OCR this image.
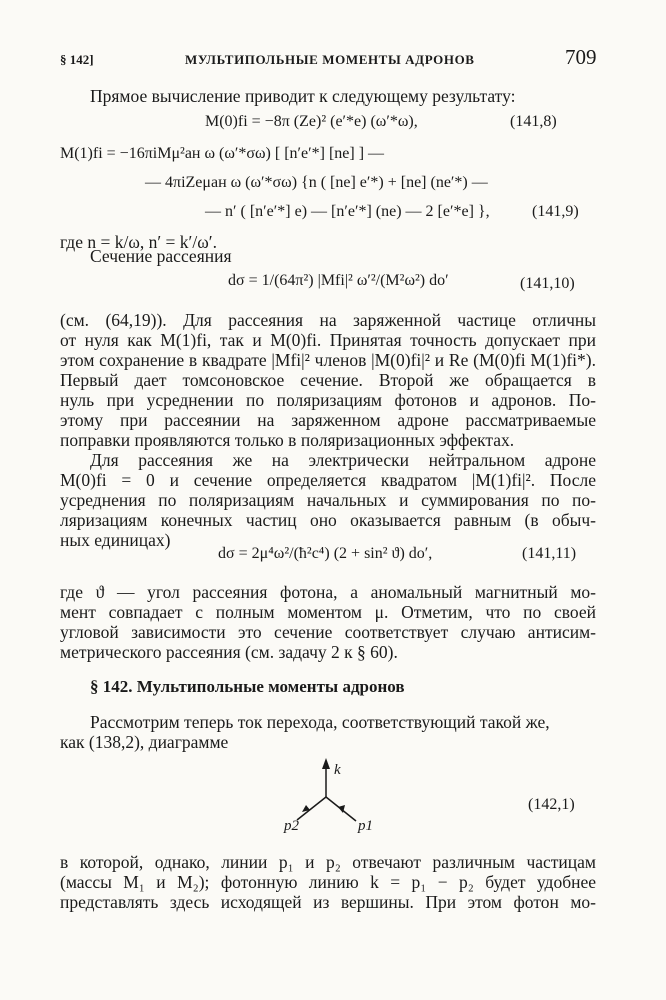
§ 142]	МУЛЬТИПОЛЬНЫЕ МОМЕНТЫ АДРОНОВ	709
Прямое вычисление приводит к следующему результату:
M(0)fi = −8π (Ze)² (e′*e) (ω′*ω),	(141,8)
M(1)fi = −16πiMμ²ан ω (ω′*σω) [ [n′e′*] [ne] ] —
— 4πiZeμан ω (ω′*σω) {n ( [ne] e′*) + [ne] (ne′*) —
— n′ ( [n′e′*] e) — [n′e′*] (ne) — 2 [e′*e] },	(141,9)
где n = k/ω, n′ = k′/ω′.
Сечение рассеяния
dσ = 1/(64π²) |Mfi|² ω′²/(M²ω²) do′	(141,10)
(см. (64,19)). Для рассеяния на заряженной частице отличны
от нуля как M(1)fi, так и M(0)fi. Принятая точность допускает при
этом сохранение в квадрате |Mfi|² членов |M(0)fi|² и Re (M(0)fi M(1)fi*).
Первый дает томсоновское сечение. Второй же обращается в
нуль при усреднении по поляризациям фотонов и адронов. По-
этому при рассеянии на заряженном адроне рассматриваемые
поправки проявляются только в поляризационных эффектах.
Для рассеяния же на электрически нейтральном адроне
M(0)fi = 0 и сечение определяется квадратом |M(1)fi|². После
усреднения по поляризациям начальных и суммирования по по-
ляризациям конечных частиц оно оказывается равным (в обыч-
ных единицах)
dσ = 2μ⁴ω²/(ħ²c⁴) (2 + sin² ϑ) do′,	(141,11)
где ϑ — угол рассеяния фотона, а аномальный магнитный мо-
мент совпадает с полным моментом μ. Отметим, что по своей
угловой зависимости это сечение соответствует случаю антисим-
метрического рассеяния (см. задачу 2 к § 60).
§ 142. Мультипольные моменты адронов
Рассмотрим теперь ток перехода, соответствующий такой же,
как (138,2), диаграмме
k
p2	p1
(142,1)
в которой, однако, линии p₁ и p₂ отвечают различным частицам
(массы M₁ и M₂); фотонную линию k = p₁ − p₂ будет удобнее
представлять здесь исходящей из вершины. При этом фотон мо-
